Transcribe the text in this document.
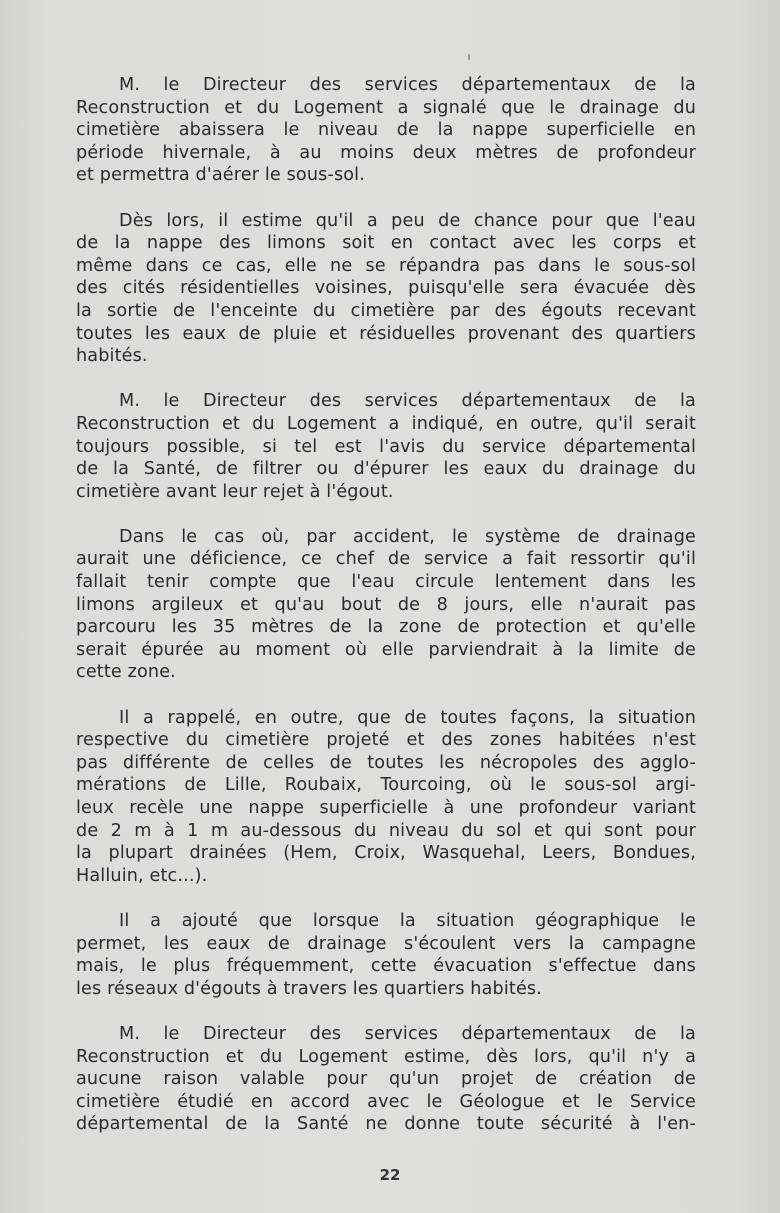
M. le Directeur des services départementaux de la
Reconstruction et du Logement a signalé que le drainage du
cimetière abaissera le niveau de la nappe superficielle en
période hivernale, à au moins deux mètres de profondeur
et permettra d'aérer le sous-sol.

Dès lors, il estime qu'il a peu de chance pour que l'eau
de la nappe des limons soit en contact avec les corps et
même dans ce cas, elle ne se répandra pas dans le sous-sol
des cités résidentielles voisines, puisqu'elle sera évacuée dès
la sortie de l'enceinte du cimetière par des égouts recevant
toutes les eaux de pluie et résiduelles provenant des quartiers
habités.

M. le Directeur des services départementaux de la
Reconstruction et du Logement a indiqué, en outre, qu'il serait
toujours possible, si tel est l'avis du service départemental
de la Santé, de filtrer ou d'épurer les eaux du drainage du
cimetière avant leur rejet à l'égout.

Dans le cas où, par accident, le système de drainage
aurait une déficience, ce chef de service a fait ressortir qu'il
fallait tenir compte que l'eau circule lentement dans les
limons argileux et qu'au bout de 8 jours, elle n'aurait pas
parcouru les 35 mètres de la zone de protection et qu'elle
serait épurée au moment où elle parviendrait à la limite de
cette zone.

Il a rappelé, en outre, que de toutes façons, la situation
respective du cimetière projeté et des zones habitées n'est
pas différente de celles de toutes les nécropoles des agglo-
mérations de Lille, Roubaix, Tourcoing, où le sous-sol argi-
leux recèle une nappe superficielle à une profondeur variant
de 2 m à 1 m au-dessous du niveau du sol et qui sont pour
la plupart drainées (Hem, Croix, Wasquehal, Leers, Bondues,
Halluin, etc...).

Il a ajouté que lorsque la situation géographique le
permet, les eaux de drainage s'écoulent vers la campagne
mais, le plus fréquemment, cette évacuation s'effectue dans
les réseaux d'égouts à travers les quartiers habités.

M. le Directeur des services départementaux de la
Reconstruction et du Logement estime, dès lors, qu'il n'y a
aucune raison valable pour qu'un projet de création de
cimetière étudié en accord avec le Géologue et le Service
départemental de la Santé ne donne toute sécurité à l'en-

22
